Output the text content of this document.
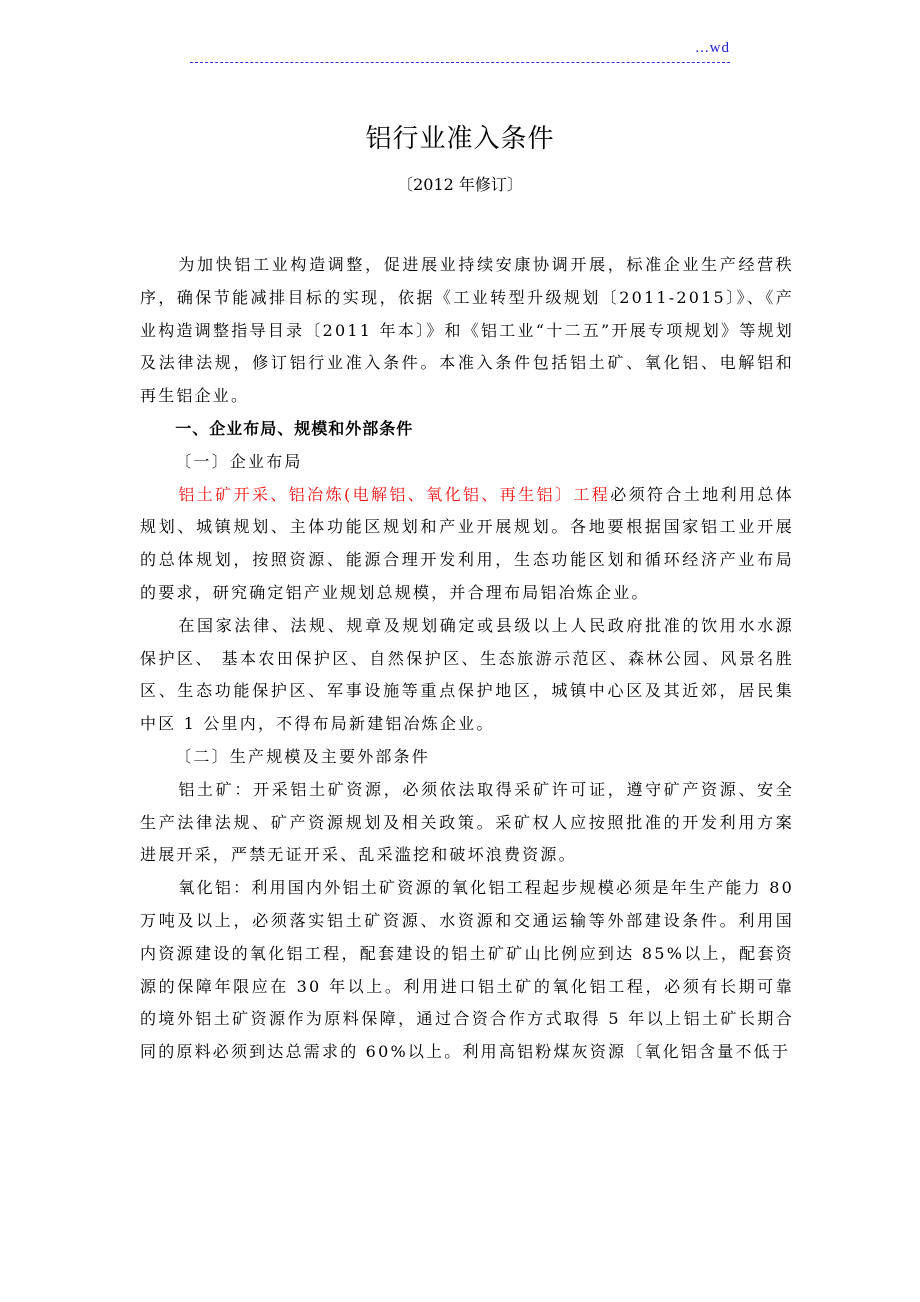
...wd
铝行业准入条件
〔2012 年修订〕

为加快铝工业构造调整，促进展业持续安康协调开展，标准企业生产经营秩序，确保节能减排目标的实现，依据《工业转型升级规划〔2011-2015〕》、《产业构造调整指导目录〔2011 年本〕》和《铝工业“十二五”开展专项规划》等规划及法律法规，修订铝行业准入条件。本准入条件包括铝土矿、氧化铝、电解铝和再生铝企业。

一、企业布局、规模和外部条件

〔一〕企业布局

铝土矿开采、铝冶炼(电解铝、氧化铝、再生铝〕工程必须符合土地利用总体规划、城镇规划、主体功能区规划和产业开展规划。各地要根据国家铝工业开展的总体规划，按照资源、能源合理开发利用，生态功能区划和循环经济产业布局的要求，研究确定铝产业规划总规模，并合理布局铝冶炼企业。

在国家法律、法规、规章及规划确定或县级以上人民政府批准的饮用水水源保护区、 基本农田保护区、自然保护区、生态旅游示范区、森林公园、风景名胜区、生态功能保护区、军事设施等重点保护地区，城镇中心区及其近郊，居民集中区 1 公里内，不得布局新建铝冶炼企业。

〔二〕生产规模及主要外部条件

铝土矿：开采铝土矿资源，必须依法取得采矿许可证，遵守矿产资源、安全生产法律法规、矿产资源规划及相关政策。采矿权人应按照批准的开发利用方案进展开采，严禁无证开采、乱采滥挖和破坏浪费资源。

氧化铝：利用国内外铝土矿资源的氧化铝工程起步规模必须是年生产能力 80 万吨及以上，必须落实铝土矿资源、水资源和交通运输等外部建设条件。利用国内资源建设的氧化铝工程，配套建设的铝土矿矿山比例应到达 85%以上，配套资源的保障年限应在 30 年以上。利用进口铝土矿的氧化铝工程，必须有长期可靠的境外铝土矿资源作为原料保障，通过合资合作方式取得 5 年以上铝土矿长期合同的原料必须到达总需求的 60%以上。利用高铝粉煤灰资源〔氧化铝含量不低于
